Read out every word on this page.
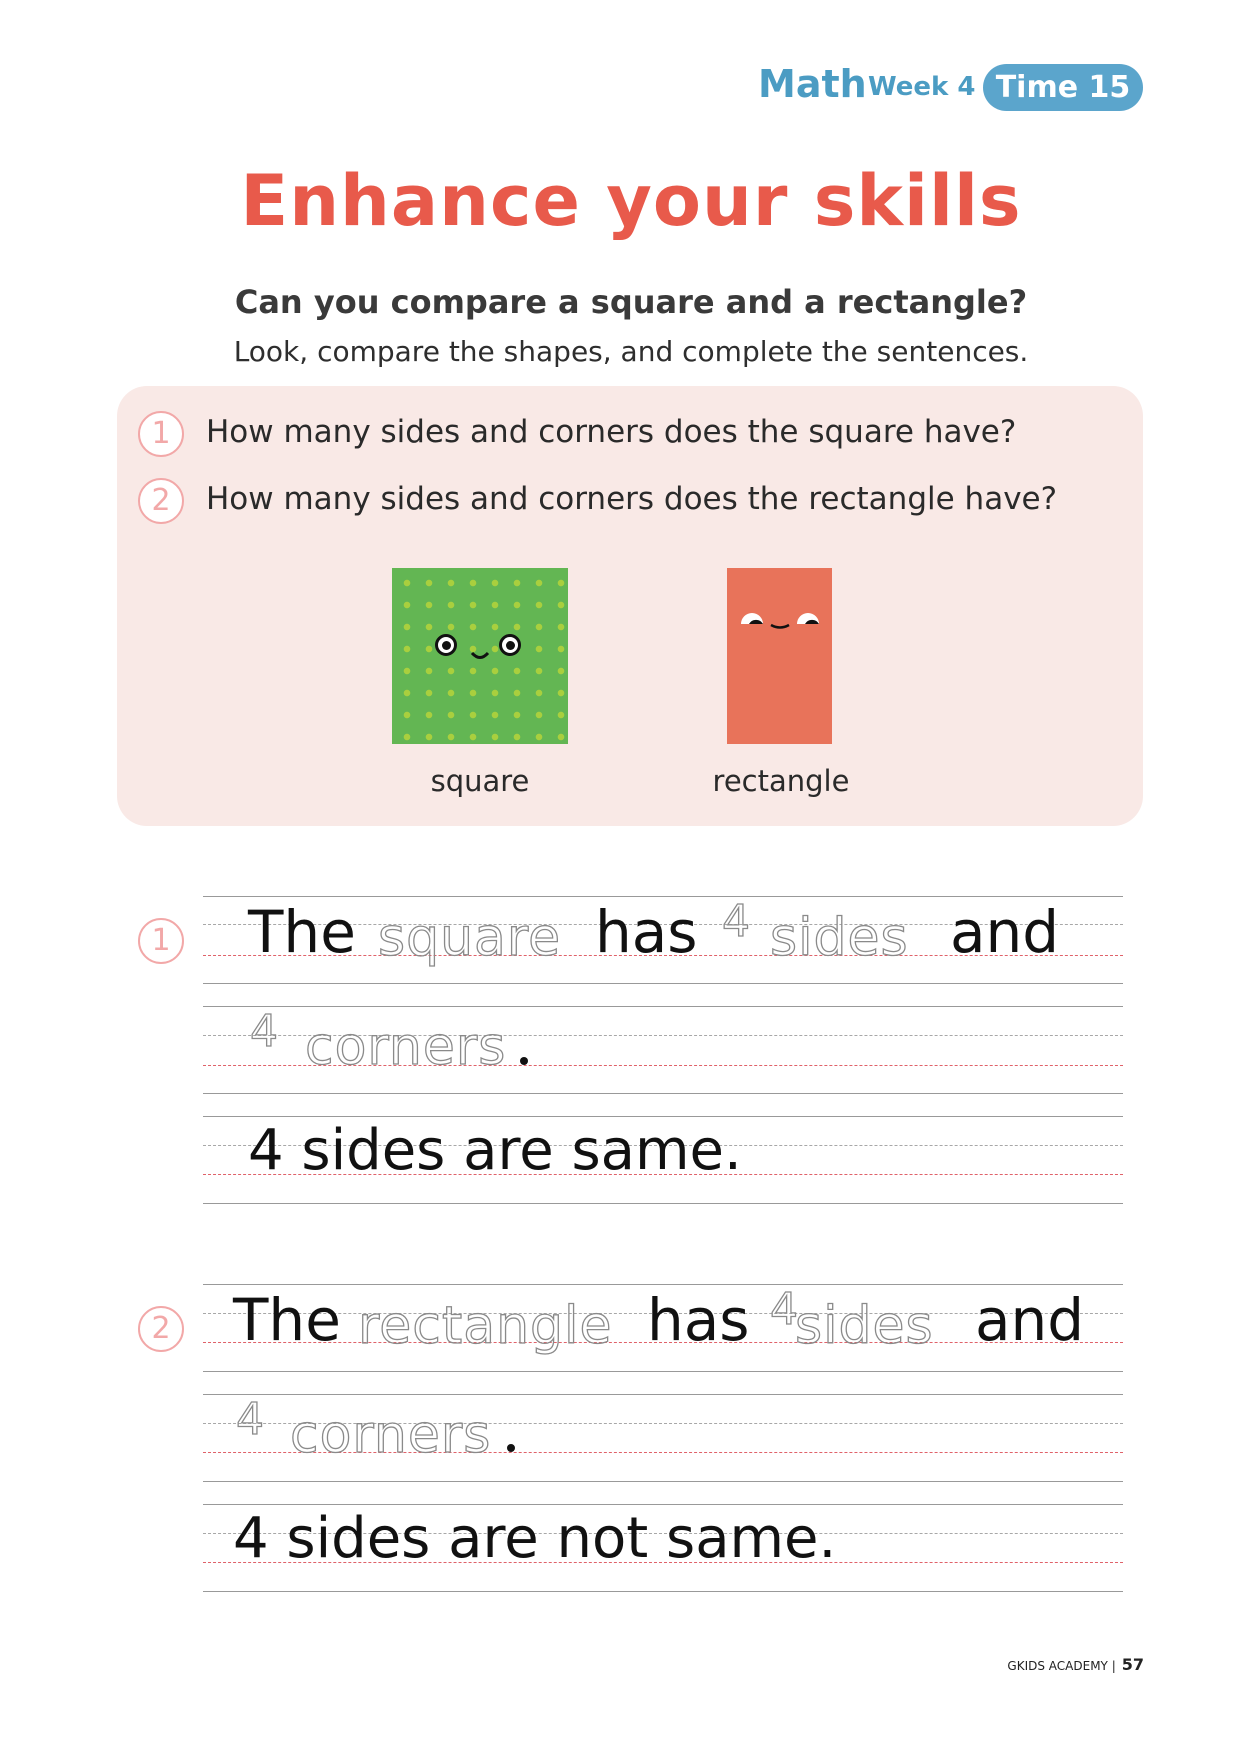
Math Week 4 Time 15
Enhance your skills
Can you compare a square and a rectangle?
Look, compare the shapes, and complete the sentences.
1	How many sides and corners does the square have?
2	How many sides and corners does the rectangle have?
square	rectangle
1 The square has 4 sides and
4 corners
4 sides are same.
2 The rectangle has 4
sides and
4 corners
4 sides are not same.
GKIDS ACADEMY | 57
